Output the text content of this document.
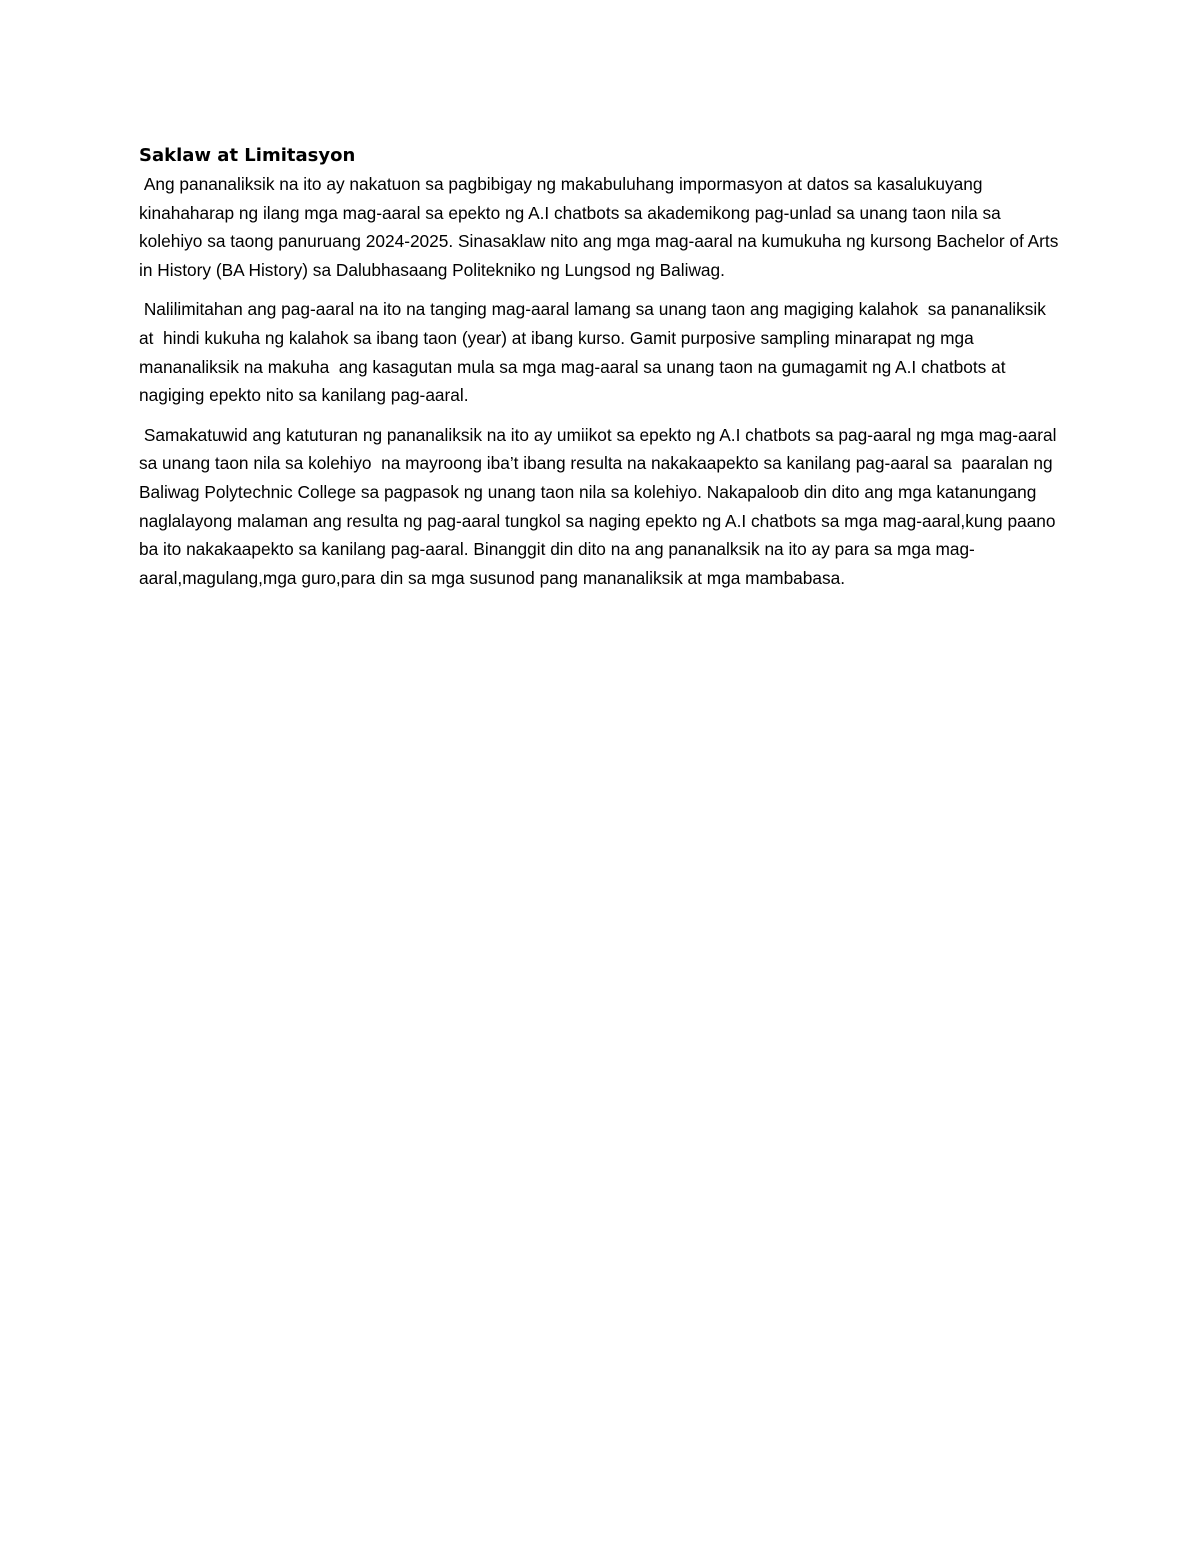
Saklaw at Limitasyon

Ang pananaliksik na ito ay nakatuon sa pagbibigay ng makabuluhang impormasyon at datos sa kasalukuyang kinahaharap ng ilang mga mag-aaral sa epekto ng A.I chatbots sa akademikong pag-unlad sa unang taon nila sa kolehiyo sa taong panuruang 2024-2025. Sinasaklaw nito ang mga mag-aaral na kumukuha ng kursong Bachelor of Arts in History (BA History) sa Dalubhasaang Politekniko ng Lungsod ng Baliwag.

Nalilimitahan ang pag-aaral na ito na tanging mag-aaral lamang sa unang taon ang magiging kalahok  sa pananaliksik  at  hindi kukuha ng kalahok sa ibang taon (year) at ibang kurso. Gamit purposive sampling minarapat ng mga mananaliksik na makuha  ang kasagutan mula sa mga mag-aaral sa unang taon na gumagamit ng A.I chatbots at nagiging epekto nito sa kanilang pag-aaral.

Samakatuwid ang katuturan ng pananaliksik na ito ay umiikot sa epekto ng A.I chatbots sa pag-aaral ng mga mag-aaral sa unang taon nila sa kolehiyo  na mayroong iba’t ibang resulta na nakakaapekto sa kanilang pag-aaral sa  paaralan ng Baliwag Polytechnic College sa pagpasok ng unang taon nila sa kolehiyo. Nakapaloob din dito ang mga katanungang naglalayong malaman ang resulta ng pag-aaral tungkol sa naging epekto ng A.I chatbots sa mga mag-aaral,kung paano ba ito nakakaapekto sa kanilang pag-aaral. Binanggit din dito na ang pananalksik na ito ay para sa mga mag-aaral,magulang,mga guro,para din sa mga susunod pang mananaliksik at mga mambabasa.
